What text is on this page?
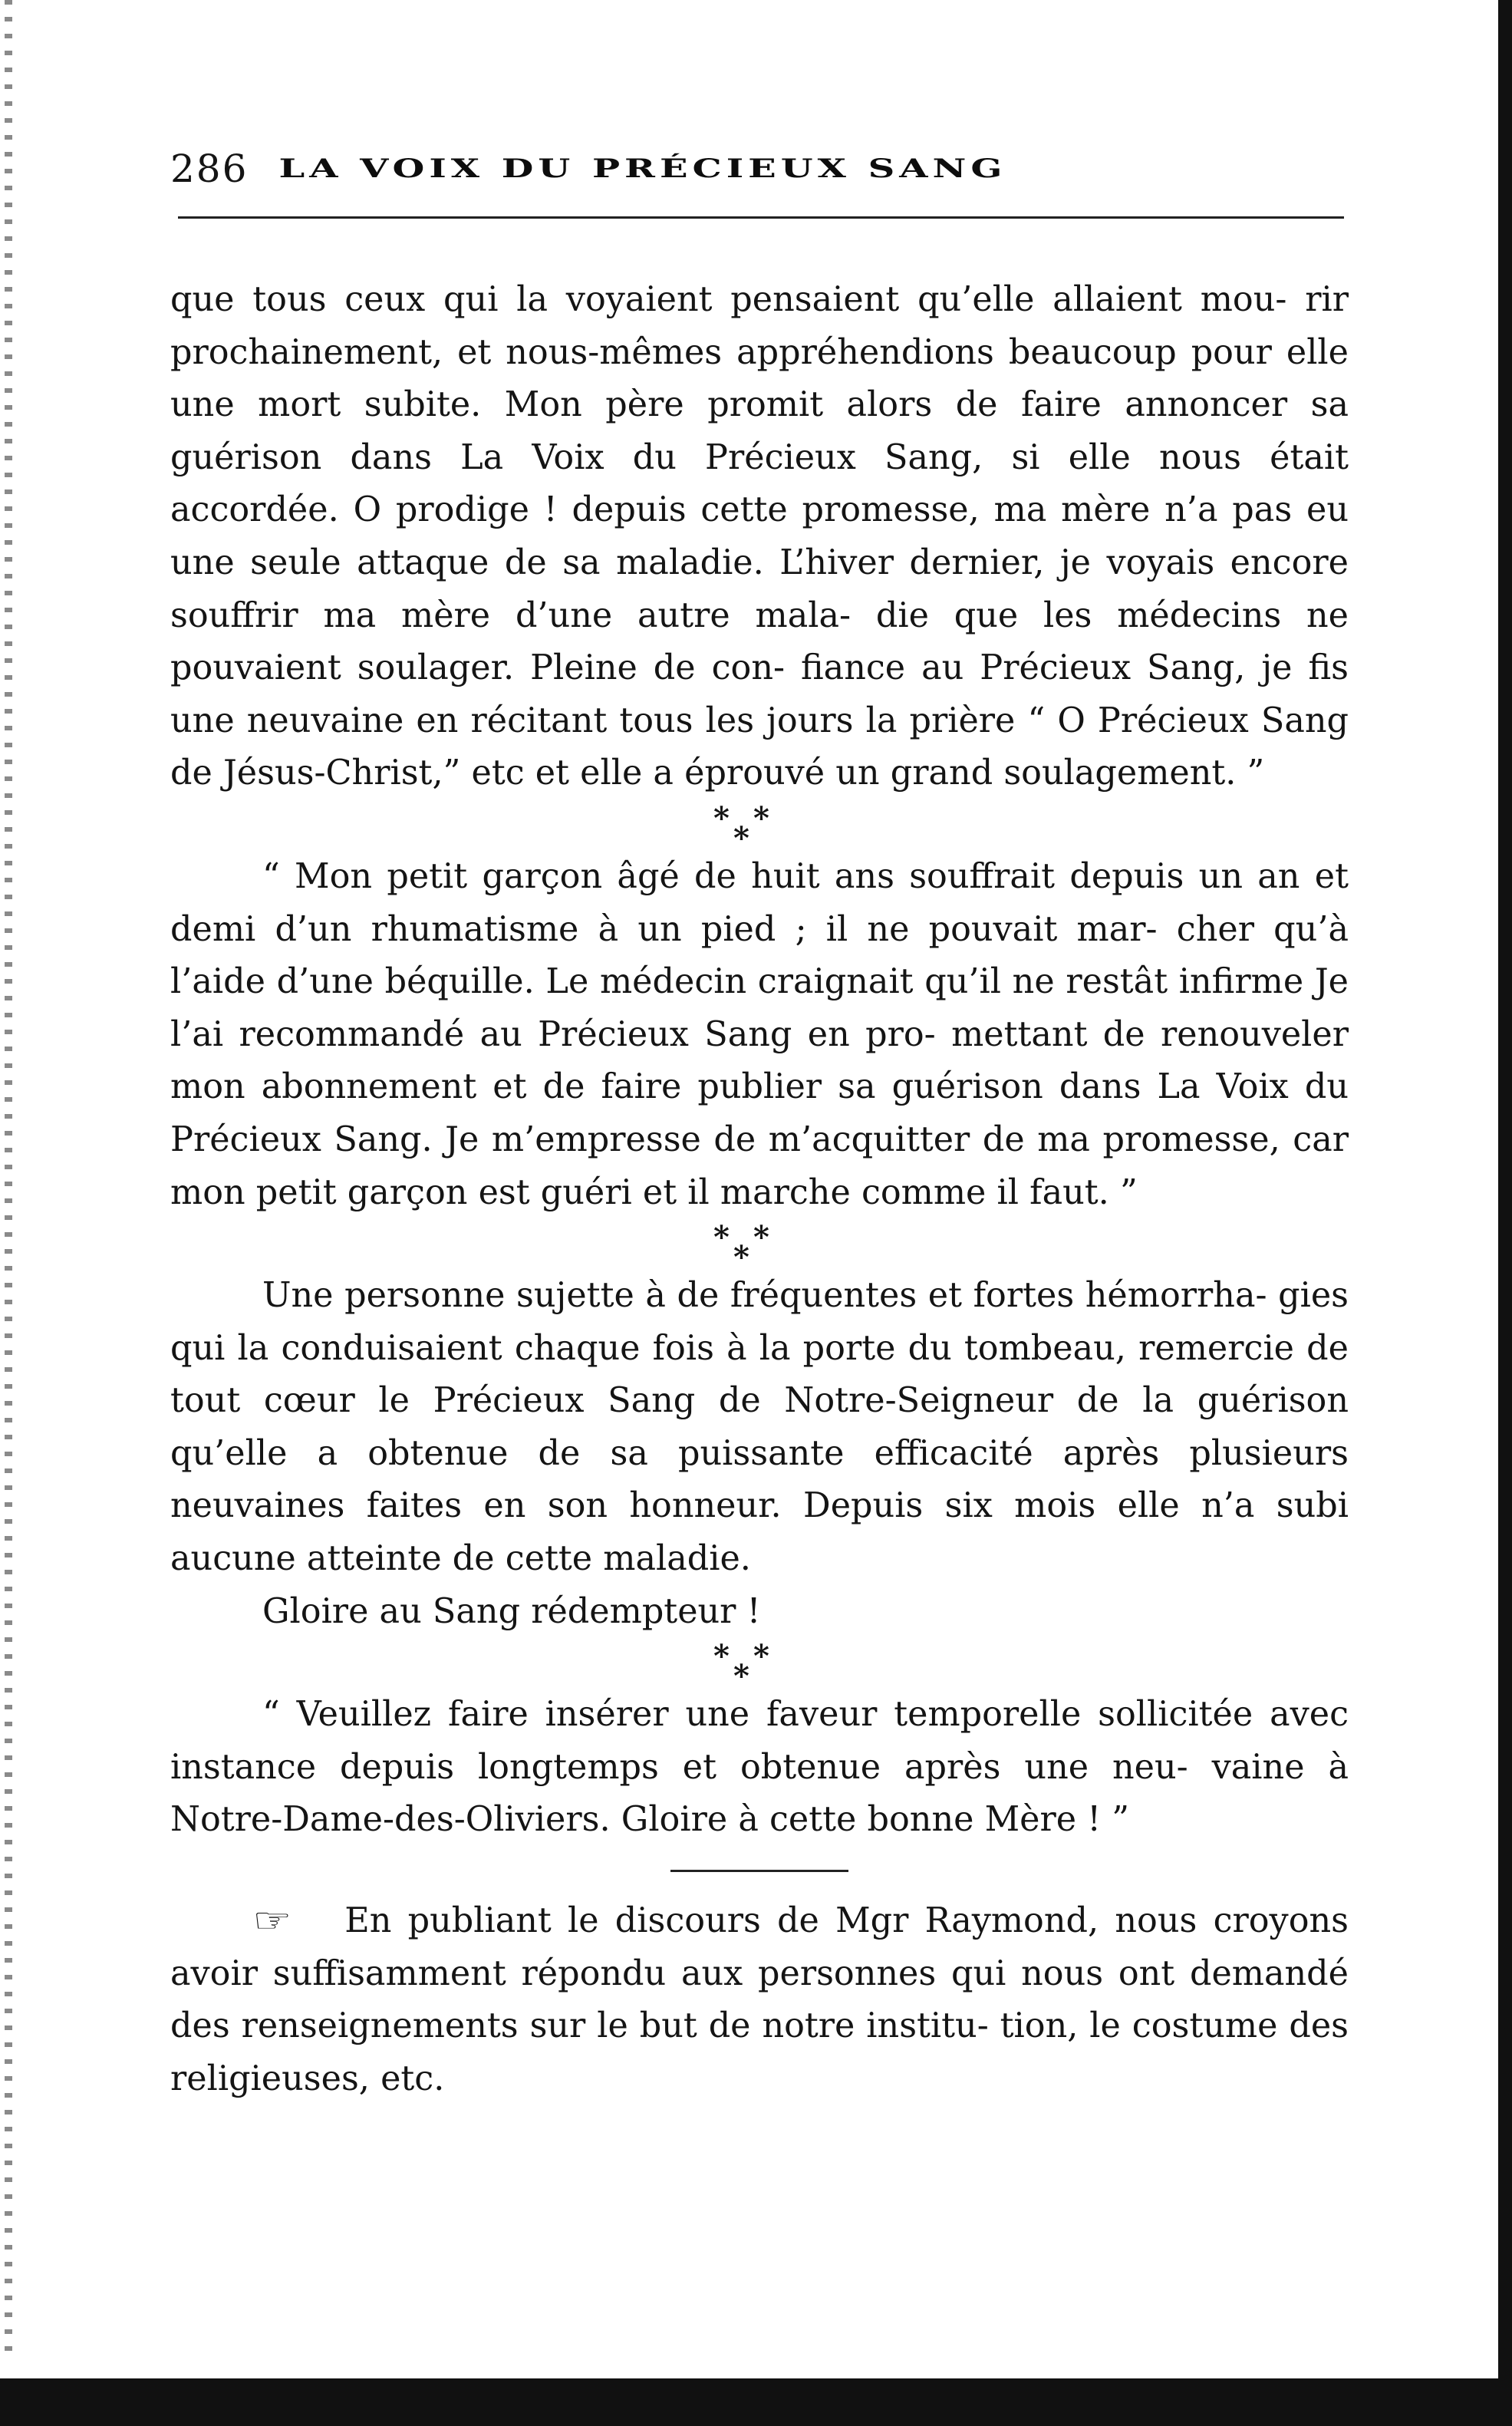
286 LA VOIX DU PRÉCIEUX SANG

que tous ceux qui la voyaient pensaient qu’elle allaient mou- rir prochainement, et nous-mêmes appréhendions beaucoup pour elle une mort subite. Mon père promit alors de faire annoncer sa guérison dans La Voix du Précieux Sang, si elle nous était accordée. O prodige ! depuis cette promesse, ma mère n’a pas eu une seule attaque de sa maladie. L’hiver dernier, je voyais encore souffrir ma mère d’une autre mala- die que les médecins ne pouvaient soulager. Pleine de con- fiance au Précieux Sang, je fis une neuvaine en récitant tous les jours la prière “ O Précieux Sang de Jésus-Christ,” etc et elle a éprouvé un grand soulagement. ”

* *
*

“ Mon petit garçon âgé de huit ans souffrait depuis un an et demi d’un rhumatisme à un pied ; il ne pouvait mar- cher qu’à l’aide d’une béquille. Le médecin craignait qu’il ne restât infirme Je l’ai recommandé au Précieux Sang en pro- mettant de renouveler mon abonnement et de faire publier sa guérison dans La Voix du Précieux Sang. Je m’empresse de m’acquitter de ma promesse, car mon petit garçon est guéri et il marche comme il faut. ”

* *
*

Une personne sujette à de fréquentes et fortes hémorrha- gies qui la conduisaient chaque fois à la porte du tombeau, remercie de tout cœur le Précieux Sang de Notre-Seigneur de la guérison qu’elle a obtenue de sa puissante efficacité après plusieurs neuvaines faites en son honneur. Depuis six mois elle n’a subi aucune atteinte de cette maladie.

Gloire au Sang rédempteur !

* *
*

“ Veuillez faire insérer une faveur temporelle sollicitée avec instance depuis longtemps et obtenue après une neu- vaine à Notre-Dame-des-Oliviers. Gloire à cette bonne Mère ! ”

☞ En publiant le discours de Mgr Raymond, nous croyons avoir suffisamment répondu aux personnes qui nous ont demandé des renseignements sur le but de notre institu- tion, le costume des religieuses, etc.
